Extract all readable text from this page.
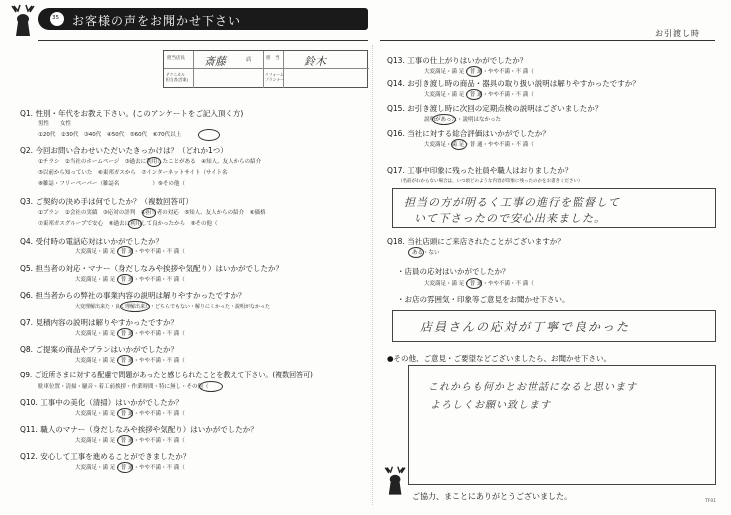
35 お客様の声をお聞かせ下さい
お引渡し時
担当店長 斎藤	店	担　当 鈴木
テクニカル
担当者(営業)
リフォーム
プランナー
Q1. 性別・年代をお教え下さい。(このアンケートをご記入頂く方)
男性　　 女性
①20代　②30代　③40代　④50代　⑤60代　⑥70代以上
Q2. 今回お問い合わせいただいたきっかけは？（どれか1つ）
①チラシ　②当社のホームページ　③過去に利用したことがある　④知人、友人からの紹介
⑤以前から知っていた　⑥東邦ガスから　⑦インターネットサイト（サイト名
⑧雑誌・フリーペーパー（雑誌名　　　　　　）⑨その他（
Q3. ご契約の決め手は何でしたか？（複数回答可）
①プラン　②会社の実績　③応対の評判　④担当者の対応　⑤知人、友人からの紹介　⑥価格
⑦東邦ガスグループで安心　⑧過去に利用して良かったから　⑨その他（
Q4. 受付時の電話応対はいかがでしたか？
大変満足・満 足・普 通・やや不満・不 満（
Q5. 担当者の対応・マナー（身だしなみや挨拶や気配り）はいかがでしたか？
大変満足・満 足・普 通・やや不満・不 満（
Q6. 担当者からの弊社の事業内容の説明は解りやすかったですか？
大変理解出来た・良く理解出来た・どちらでもない・解りにくかった・説明がなかった
Q7. 見積内容の説明は解りやすかったですか？
大変満足・満 足・普 通・やや不満・不 満（
Q8. ご提案の商品やプランはいかがでしたか？
大変満足・満 足・普 通・やや不満・不 満（
Q9. ご近所さまに対する配慮で問題があったと感じられたことを教えて下さい。(複数回答可)
駐車位置・清掃・騒音・着工前挨拶・作業時間・特に無し・その他（
Q10. 工事中の美化（清掃）はいかがでしたか？
大変満足・満 足・普 通・やや不満・不 満（
Q11. 職人のマナー（身だしなみや挨拶や気配り）はいかがでしたか？
大変満足・満 足・普 通・やや不満・不 満（
Q12. 安心して工事を進めることができましたか？
大変満足・満 足・普 通・やや不満・不 満（
Q13. 工事の仕上がりはいかがでしたか？
大変満足・満 足・普 通・やや不満・不 満（
Q14. お引き渡し時の商品・器具の取り扱い説明は解りやすかったですか？
大変満足・満 足・普 通・やや不満・不 満（
Q15. お引き渡し時に次回の定期点検の説明はございましたか？
説明があった・説明はなかった
Q16. 当社に対する総合評価はいかがでしたか？
大変満足・満 足・普 通・やや不満・不 満（
Q17. 工事中印象に残った社員や職人はおりましたか？
（名前がわからない場合は、いつ頃どのような内容が印象に残ったのかをお書きください）
担当の方が明るく工事の進行を監督して
いて下さったので安心出来ました。
Q18. 当社店頭にご来店されたことがございますか？
ある・ない
・店員の応対はいかがでしたか？
大変満足・満 足・普 通・やや不満・不 満（
・お店の雰囲気・印象等ご意見をお聞かせ下さい。
店員さんの応対が丁寧で良かった
●その他、ご意見・ご要望などございましたら、お聞かせ下さい。
これからも何かとお世話になると思います
よろしくお願い致します
ご協力、まことにありがとうございました。
TF01
